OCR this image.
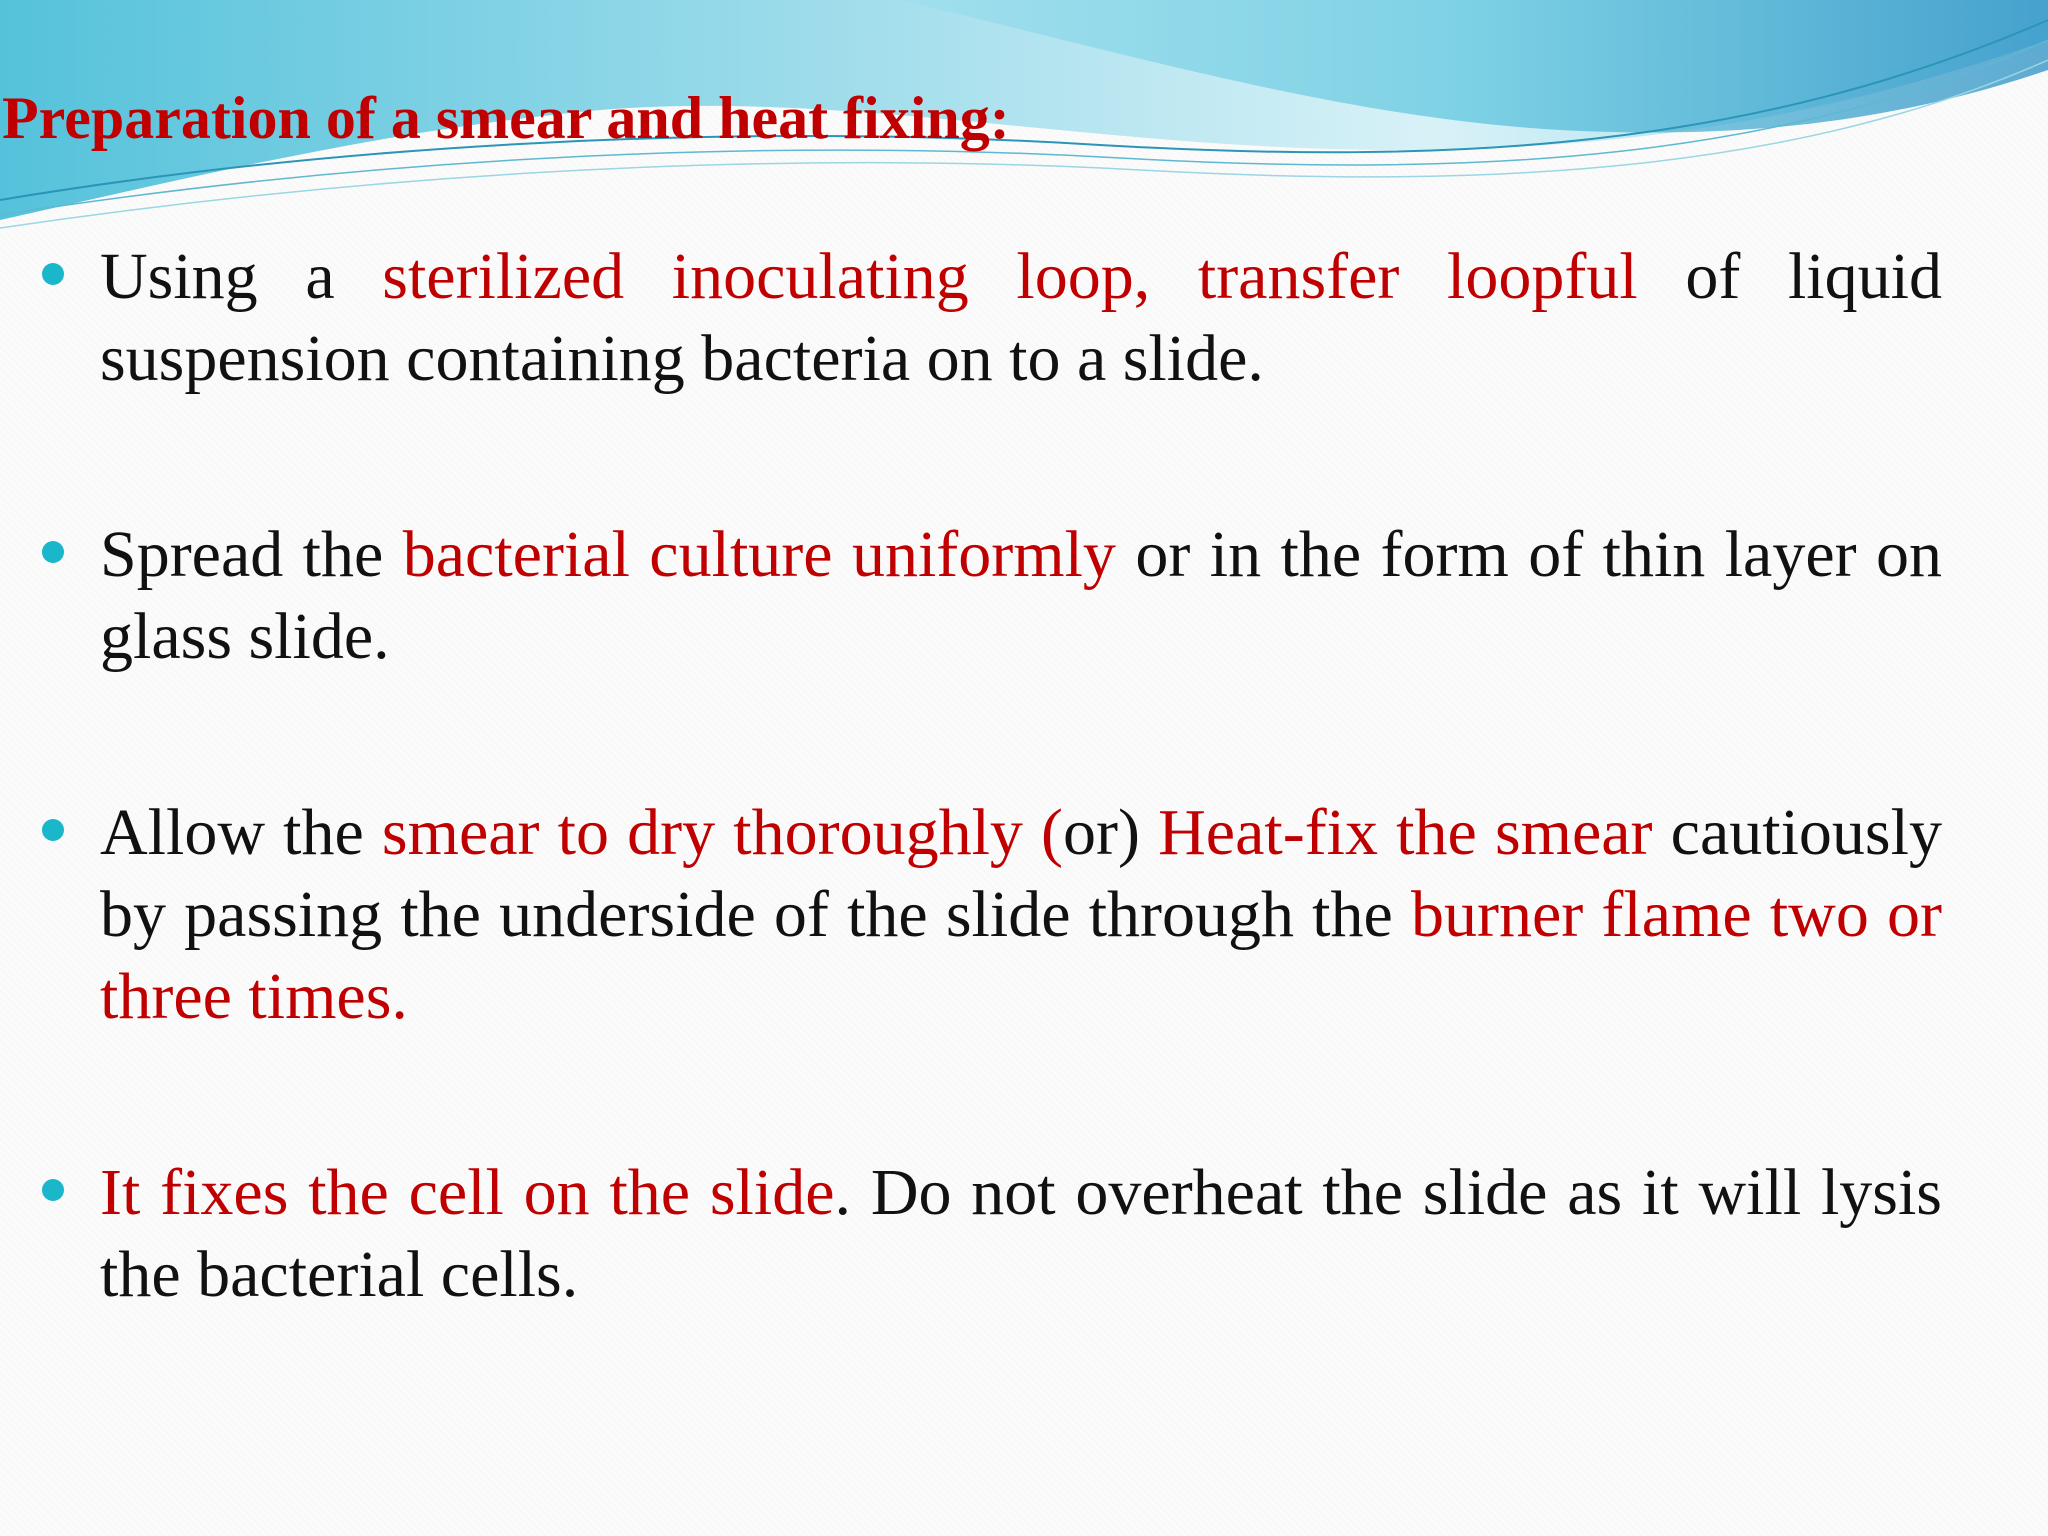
Preparation of a smear and heat fixing:
Using a sterilized inoculating loop, transfer loopful of liquid suspension containing bacteria on to a slide.
Spread the bacterial culture uniformly or in the form of thin layer on glass slide.
Allow the smear to dry thoroughly (or) Heat-fix the smear cautiously by passing the underside of the slide through the burner flame two or three times.
It fixes the cell on the slide. Do not overheat the slide as it will lysis the bacterial cells.
